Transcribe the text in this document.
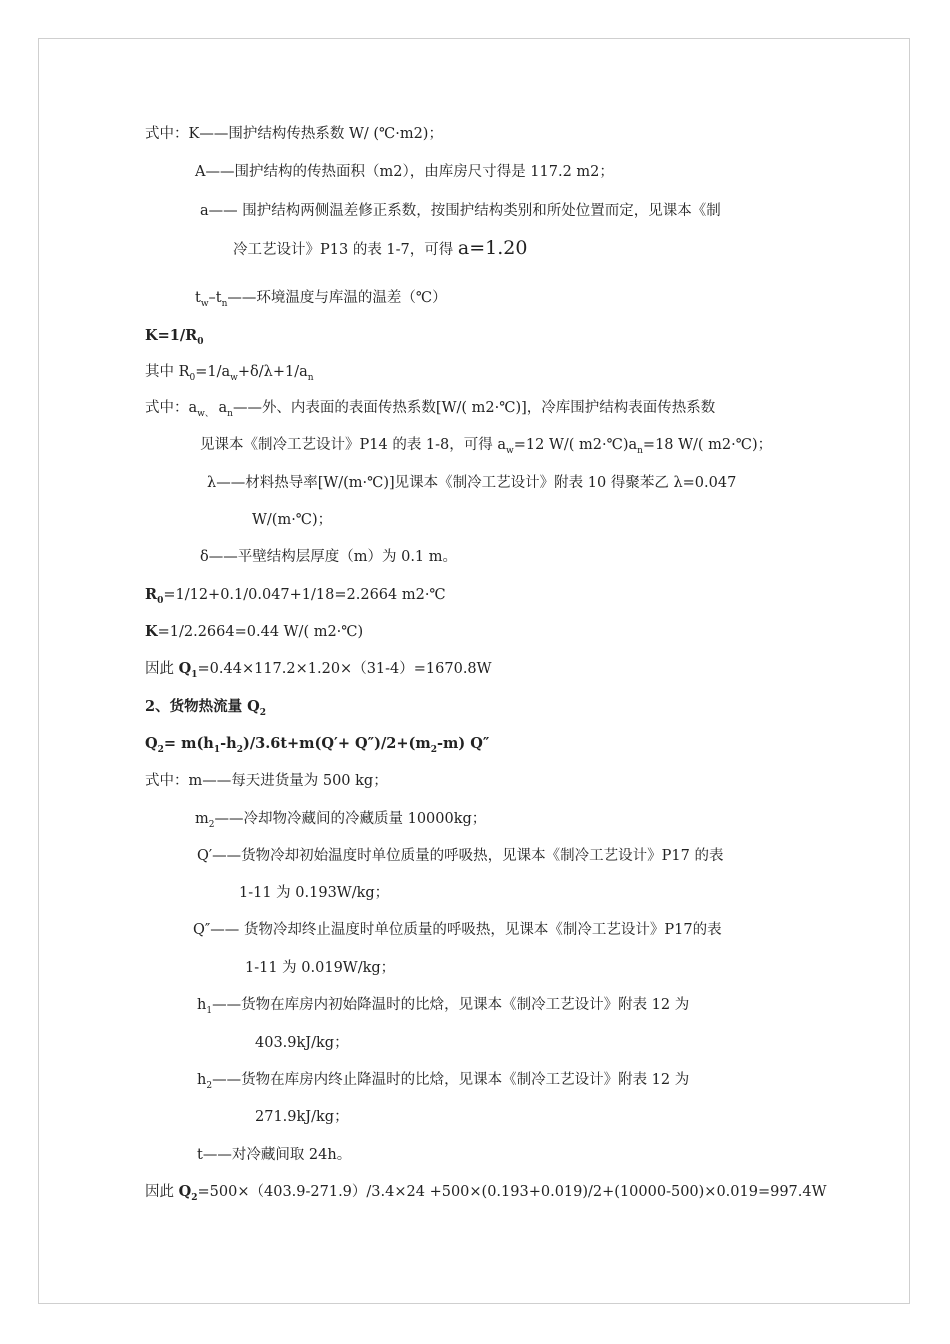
式中：K——围护结构传热系数 W/ (℃·m2)；
A——围护结构的传热面积（m2），由库房尺寸得是 117.2 m2；
a—— 围护结构两侧温差修正系数，按围护结构类别和所处位置而定，见课本《制
冷工艺设计》P13 的表 1-7，可得 a=1.20
$t_w-t_n——$环境温度与库温的温差（℃）
$K=1/R_0$
其中 $R_0=1/a_w+\delta/\lambda+1/a_n$
式中：$a_{w、}$ $a_n——$外、内表面的表面传热系数[W/( m2·℃)]，冷库围护结构表面传热系数
见课本《制冷工艺设计》P14 的表 1-8，可得 $a_w=12$ W/( $m2\cdot℃)a_n=18$ W/( m2·℃)；
λ——材料热导率[W/(m·℃)]见课本《制冷工艺设计》附表 10 得聚苯乙 λ=0.047
W/(m·℃)；
δ——平壁结构层厚度（m）为 0.1 m。
$R_0=1/12+0.1/0.047+1/18=2.2664$ m2·℃
K=1/2.2664=0.44 W/( m2·℃)
因此 $Q_1=0.44\times 117.2\times 1.20\times(31-4)=1670.8W$
2、货物热流量 $Q_2$
$Q_2= m(h_1-h_2)/3.6t+m(Q'+ Q'')/2+(m_2-m)$ Q″
式中：m——每天进货量为 500 kg；
$m_2——$冷却物冷藏间的冷藏质量 10000kg；
Q′——货物冷却初始温度时单位质量的呼吸热，见课本《制冷工艺设计》P17 的表
1-11 为 0.193W/kg；
Q″—— 货物冷却终止温度时单位质量的呼吸热，见课本《制冷工艺设计》P17的表
1-11 为 0.019W/kg；
$h_1——$货物在库房内初始降温时的比焓，见课本《制冷工艺设计》附表 12 为
403.9kJ/kg；
$h_2——$货物在库房内终止降温时的比焓，见课本《制冷工艺设计》附表 12 为
271.9kJ/kg；
t——对冷藏间取 24h。
因此 $Q_2=500\times(403.9-271.9)/3.4\times 24 +500\times(0.193+0.019)/2+(10000-500)\times 0.019=997.4W$
